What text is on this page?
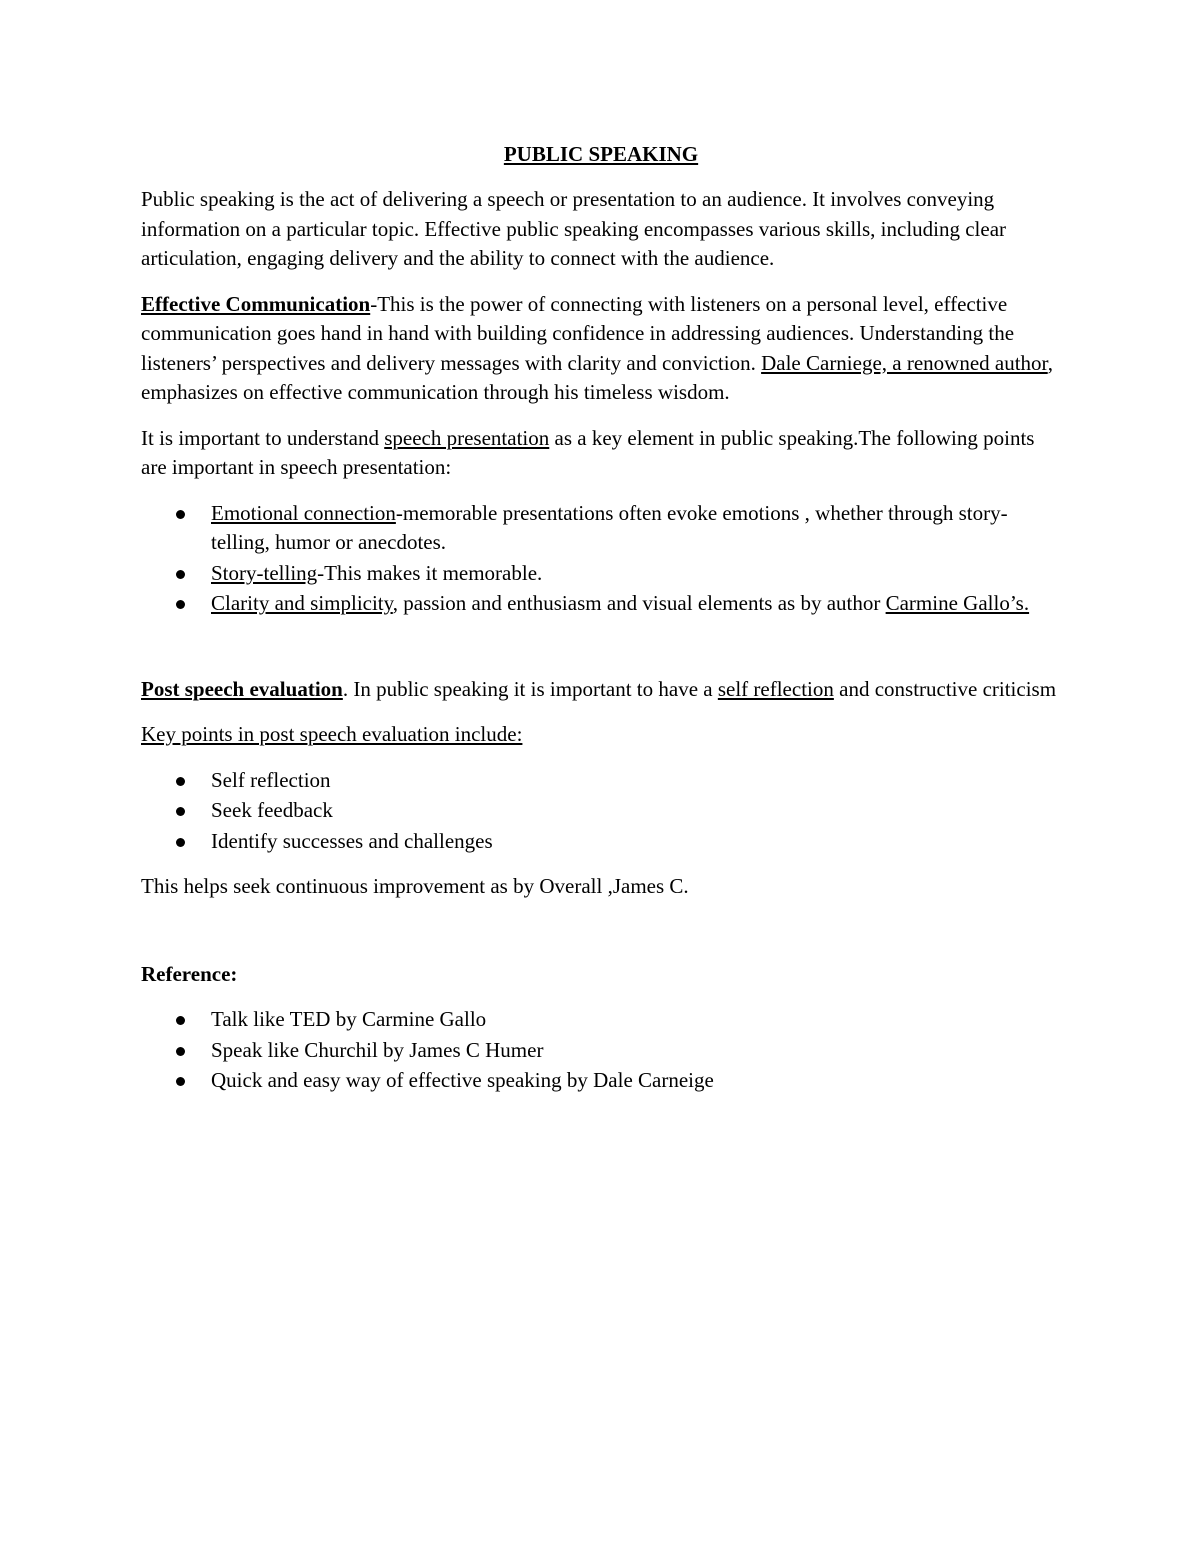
PUBLIC SPEAKING

Public speaking is the act of delivering a speech or presentation to an audience. It involves conveying information on a particular topic. Effective public speaking encompasses various skills, including clear articulation, engaging delivery and the ability to connect with the audience.

Effective Communication-This is the power of connecting with listeners on a personal level, effective communication goes hand in hand with building confidence in addressing audiences. Understanding the listeners’ perspectives and delivery messages with clarity and conviction. Dale Carniege, a renowned author, emphasizes on effective communication through his timeless wisdom.

It is important to understand speech presentation as a key element in public speaking.The following points are important in speech presentation:

Emotional connection-memorable presentations often evoke emotions , whether through story-telling, humor or anecdotes.
Story-telling-This makes it memorable.
Clarity and simplicity, passion and enthusiasm and visual elements as by author Carmine Gallo’s.

Post speech evaluation. In public speaking it is important to have a self reflection and constructive criticism

Key points in post speech evaluation include:

Self reflection
Seek feedback
Identify successes and challenges

This helps seek continuous improvement as by Overall ,James C.

Reference:

Talk like TED by Carmine Gallo
Speak like Churchil by James C Humer
Quick and easy way of effective speaking by Dale Carneige
